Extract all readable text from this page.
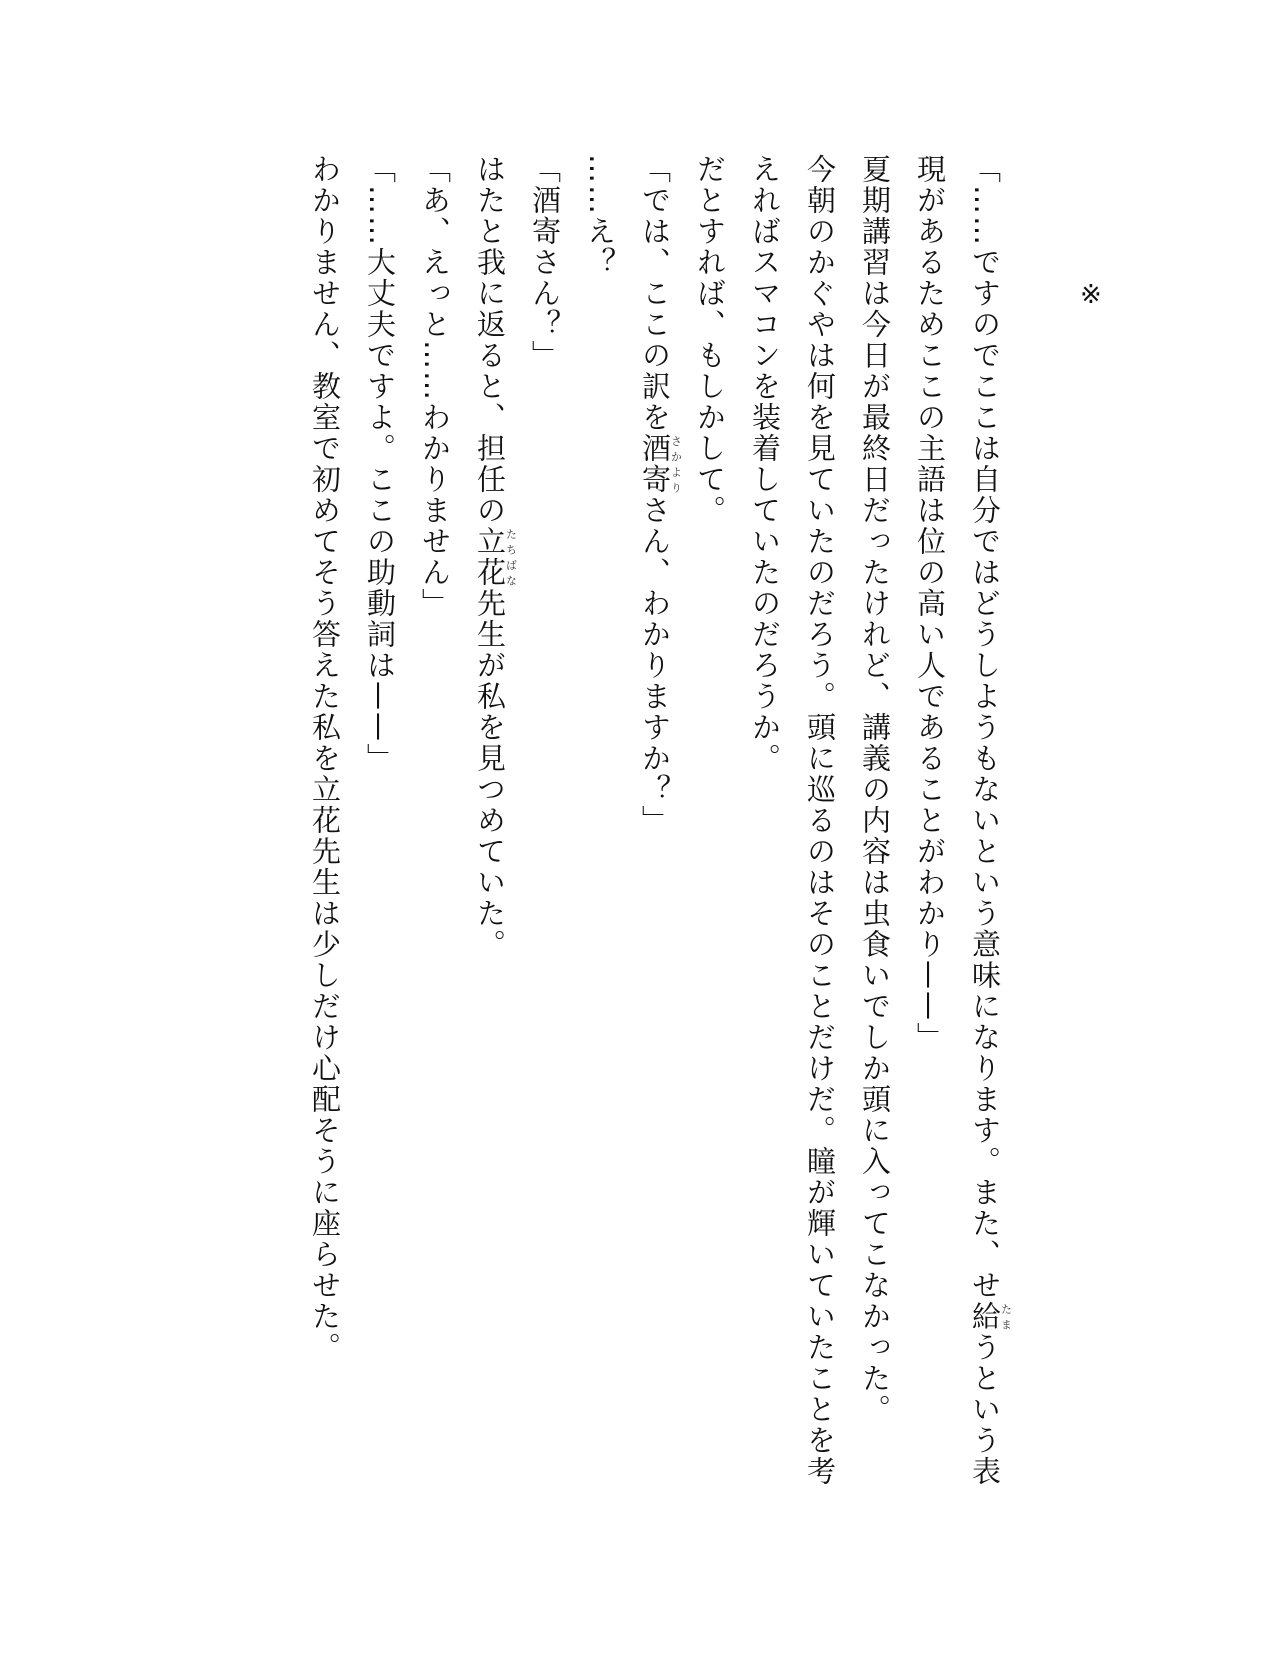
※

「……ですのでここは自分ではどうしようもないという意味になります。また、せ給たまうという表現があるためここの主語は位の高い人であることがわかり——」

夏期講習は今日が最終日だったけれど、講義の内容は虫食いでしか頭に入ってこなかった。

今朝のかぐやは何を見ていたのだろう。頭に巡るのはそのことだけだ。瞳が輝いていたことを考えればスマコンを装着していたのだろうか。

だとすれば、もしかして。

「では、ここの訳を酒寄さかよりさん、わかりますか？」

……え？

「酒寄さん？」

はたと我に返ると、担任の立花たちばな先生が私を見つめていた。

「あ、えっと……わかりません」

「……大丈夫ですよ。ここの助動詞は——」

わかりません、教室で初めてそう答えた私を立花先生は少しだけ心配そうに座らせた。
